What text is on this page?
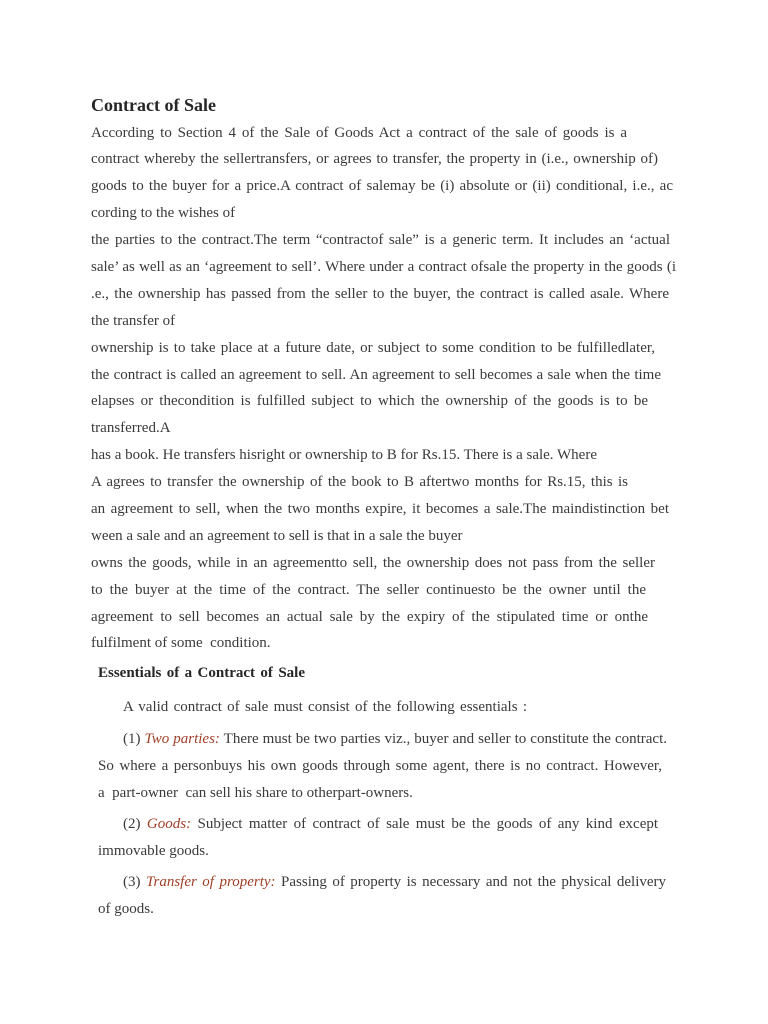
Contract of Sale
According to Section 4 of the Sale of Goods Act a contract of the sale of goods is a
contract whereby the sellertransfers, or agrees to transfer, the property in (i.e., ownership of)
goods to the buyer for a price.A contract of salemay be (i) absolute or (ii) conditional, i.e., ac
cording to the wishes of
the parties to the contract.The term “contractof sale” is a generic term. It includes an ‘actual
sale’ as well as an ‘agreement to sell’. Where under a contract ofsale the property in the goods (i
.e., the ownership has passed from the seller to the buyer, the contract is called asale. Where
the transfer of
ownership is to take place at a future date, or subject to some condition to be fulfilledlater,
the contract is called an agreement to sell. An agreement to sell becomes a sale when the time
elapses or thecondition is fulfilled subject to which the ownership of the goods is to be
transferred.A
has a book. He transfers hisright or ownership to B for Rs.15. There is a sale. Where
A agrees to transfer the ownership of the book to B aftertwo months for Rs.15, this is
an agreement to sell, when the two months expire, it becomes a sale.The maindistinction bet
ween a sale and an agreement to sell is that in a sale the buyer
owns the goods, while in an agreementto sell, the ownership does not pass from the seller
to the buyer at the time of the contract. The seller continuesto be the owner until the
agreement to sell becomes an actual sale by the expiry of the stipulated time or onthe
fulfilment of some  condition.
Essentials of a Contract of Sale
A valid contract of sale must consist of the following essentials :
(1) Two parties: There must be two parties viz., buyer and seller to constitute the contract.
So where a personbuys his own goods through some agent, there is no contract. However,
a  part-owner  can sell his share to otherpart-owners.
(2) Goods: Subject matter of contract of sale must be the goods of any kind except
immovable goods.
(3) Transfer of property: Passing of property is necessary and not the physical delivery
of goods.
